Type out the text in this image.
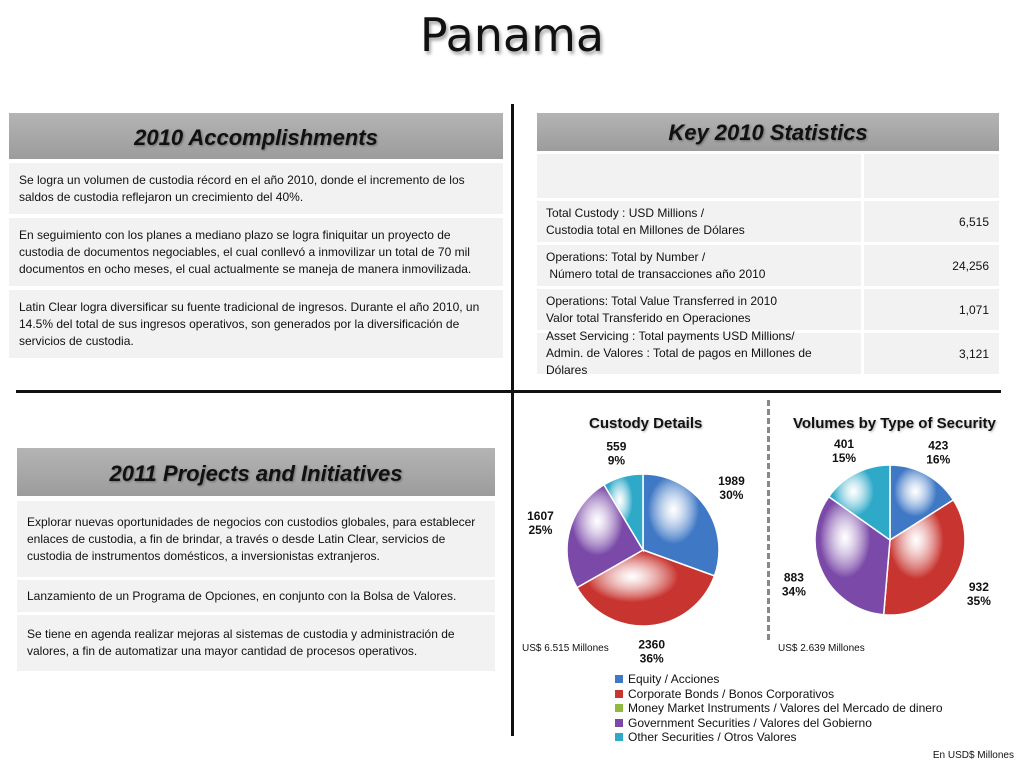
Panama
2010 Accomplishments
Se logra un volumen de custodia récord en el año 2010, donde el incremento de los saldos de custodia reflejaron un crecimiento del 40%.
En seguimiento con los planes a mediano plazo se logra finiquitar un proyecto de custodia de documentos negociables, el cual conllevó a inmovilizar un total de 70 mil documentos en ocho meses, el cual actualmente se maneja de manera inmovilizada.
Latin Clear logra diversificar su fuente tradicional de ingresos. Durante el año 2010, un 14.5% del total de sus ingresos operativos, son generados por la diversificación de servicios de custodia.
Key 2010 Statistics
Total Custody : USD Millions /
Custodia total en Millones de Dólares
6,515
Operations: Total by Number /
Número total de transacciones año 2010
24,256
Operations: Total Value Transferred in 2010
Valor total Transferido en Operaciones
1,071
Asset Servicing : Total payments USD Millions/
Admin. de Valores : Total de pagos en Millones de Dólares
3,121
2011 Projects and Initiatives
Explorar nuevas oportunidades de negocios con custodios globales, para establecer enlaces de custodia, a fin de brindar, a través o desde Latin Clear, servicios de custodia de instrumentos domésticos, a inversionistas extranjeros.
Lanzamiento de un Programa de Opciones, en conjunto con la Bolsa de Valores.
Se tiene en agenda realizar mejoras al sistemas de custodia y administración de valores, a fin de automatizar una mayor cantidad de procesos operativos.
Custody Details	Volumes by Type of Security
1989
30%
2360
36%
1607
25%
559
9%
423
16%
932
35%
883
34%
401
15%
US$ 6.515 Millones	US$ 2.639 Millones
Equity / Acciones
Corporate Bonds / Bonos Corporativos
Money Market Instruments / Valores del Mercado de dinero
Government Securities / Valores del Gobierno
Other Securities / Otros Valores
En USD$ Millones
